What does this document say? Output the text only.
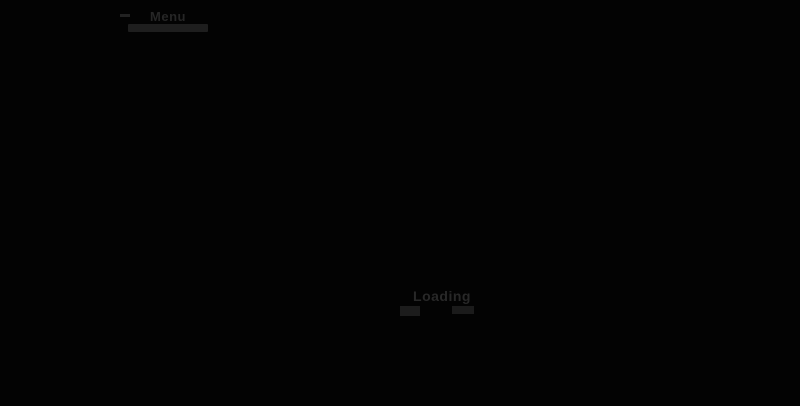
Menu
Loading
